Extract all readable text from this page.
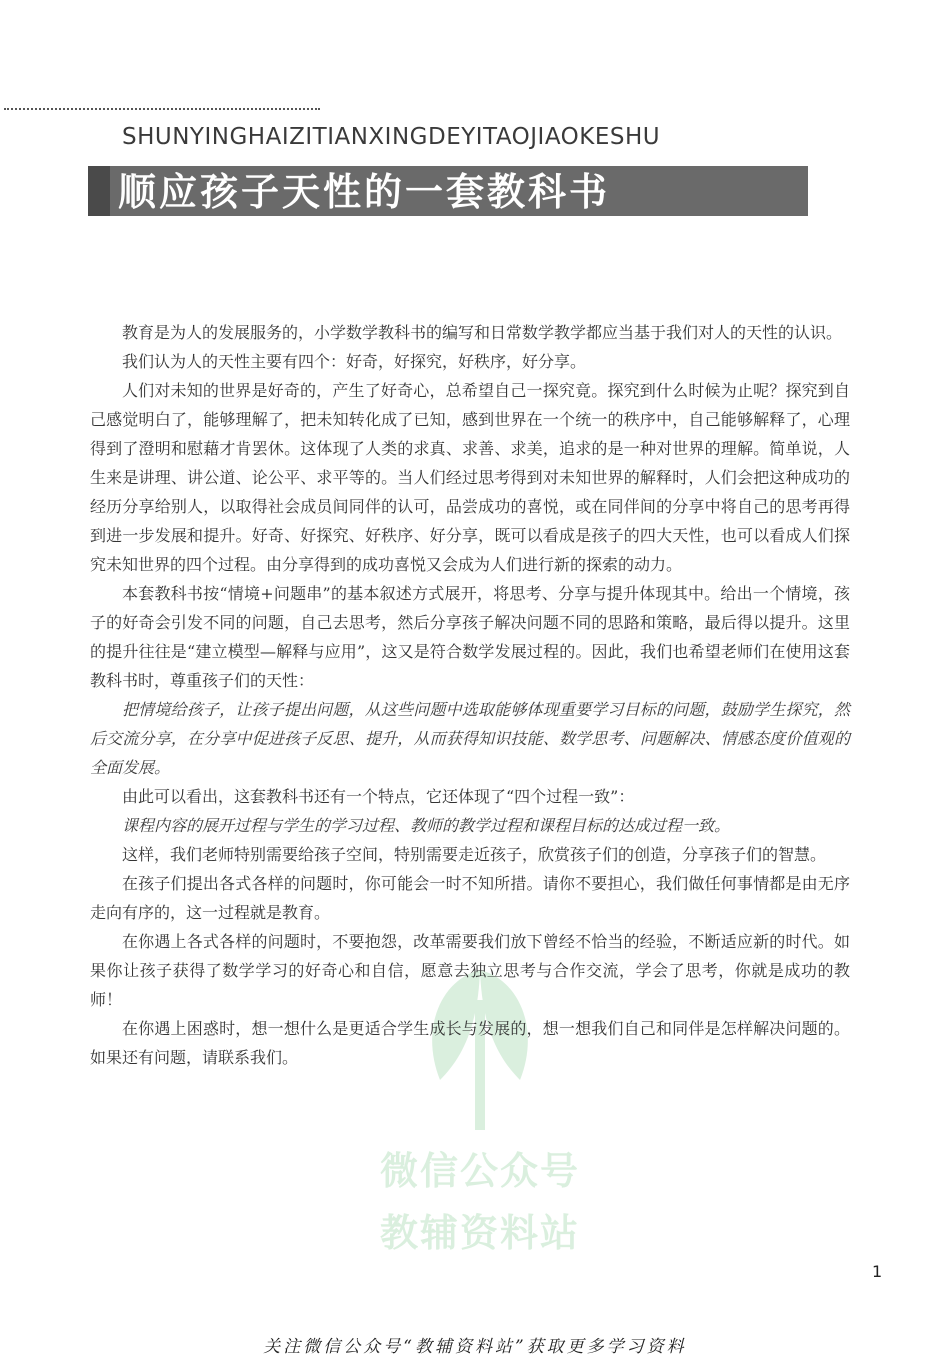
SHUNYINGHAIZITIANXINGDEYITAOJIAOKESHU
顺应孩子天性的一套教科书
微信公众号
教辅资料站

教育是为人的发展服务的，小学数学教科书的编写和日常数学教学都应当基于我们对人的天性的认识。

我们认为人的天性主要有四个：好奇，好探究，好秩序，好分享。

人们对未知的世界是好奇的，产生了好奇心，总希望自己一探究竟。探究到什么时候为止呢？探究到自己感觉明白了，能够理解了，把未知转化成了已知，感到世界在一个统一的秩序中，自己能够解释了，心理得到了澄明和慰藉才肯罢休。这体现了人类的求真、求善、求美，追求的是一种对世界的理解。简单说，人生来是讲理、讲公道、论公平、求平等的。当人们经过思考得到对未知世界的解释时，人们会把这种成功的经历分享给别人，以取得社会成员间同伴的认可，品尝成功的喜悦，或在同伴间的分享中将自己的思考再得到进一步发展和提升。好奇、好探究、好秩序、好分享，既可以看成是孩子的四大天性，也可以看成人们探究未知世界的四个过程。由分享得到的成功喜悦又会成为人们进行新的探索的动力。

本套教科书按“情境+问题串”的基本叙述方式展开，将思考、分享与提升体现其中。给出一个情境，孩子的好奇会引发不同的问题，自己去思考，然后分享孩子解决问题不同的思路和策略，最后得以提升。这里的提升往往是“建立模型—解释与应用”，这又是符合数学发展过程的。因此，我们也希望老师们在使用这套教科书时，尊重孩子们的天性：

把情境给孩子，让孩子提出问题，从这些问题中选取能够体现重要学习目标的问题，鼓励学生探究，然后交流分享，在分享中促进孩子反思、提升，从而获得知识技能、数学思考、问题解决、情感态度价值观的全面发展。

由此可以看出，这套教科书还有一个特点，它还体现了“四个过程一致”：

课程内容的展开过程与学生的学习过程、教师的教学过程和课程目标的达成过程一致。

这样，我们老师特别需要给孩子空间，特别需要走近孩子，欣赏孩子们的创造，分享孩子们的智慧。

在孩子们提出各式各样的问题时，你可能会一时不知所措。请你不要担心，我们做任何事情都是由无序走向有序的，这一过程就是教育。

在你遇上各式各样的问题时，不要抱怨，改革需要我们放下曾经不恰当的经验，不断适应新的时代。如果你让孩子获得了数学学习的好奇心和自信，愿意去独立思考与合作交流，学会了思考，你就是成功的教师！

在你遇上困惑时，想一想什么是更适合学生成长与发展的，想一想我们自己和同伴是怎样解决问题的。如果还有问题，请联系我们。

1
关注微信公众号“教辅资料站”获取更多学习资料
